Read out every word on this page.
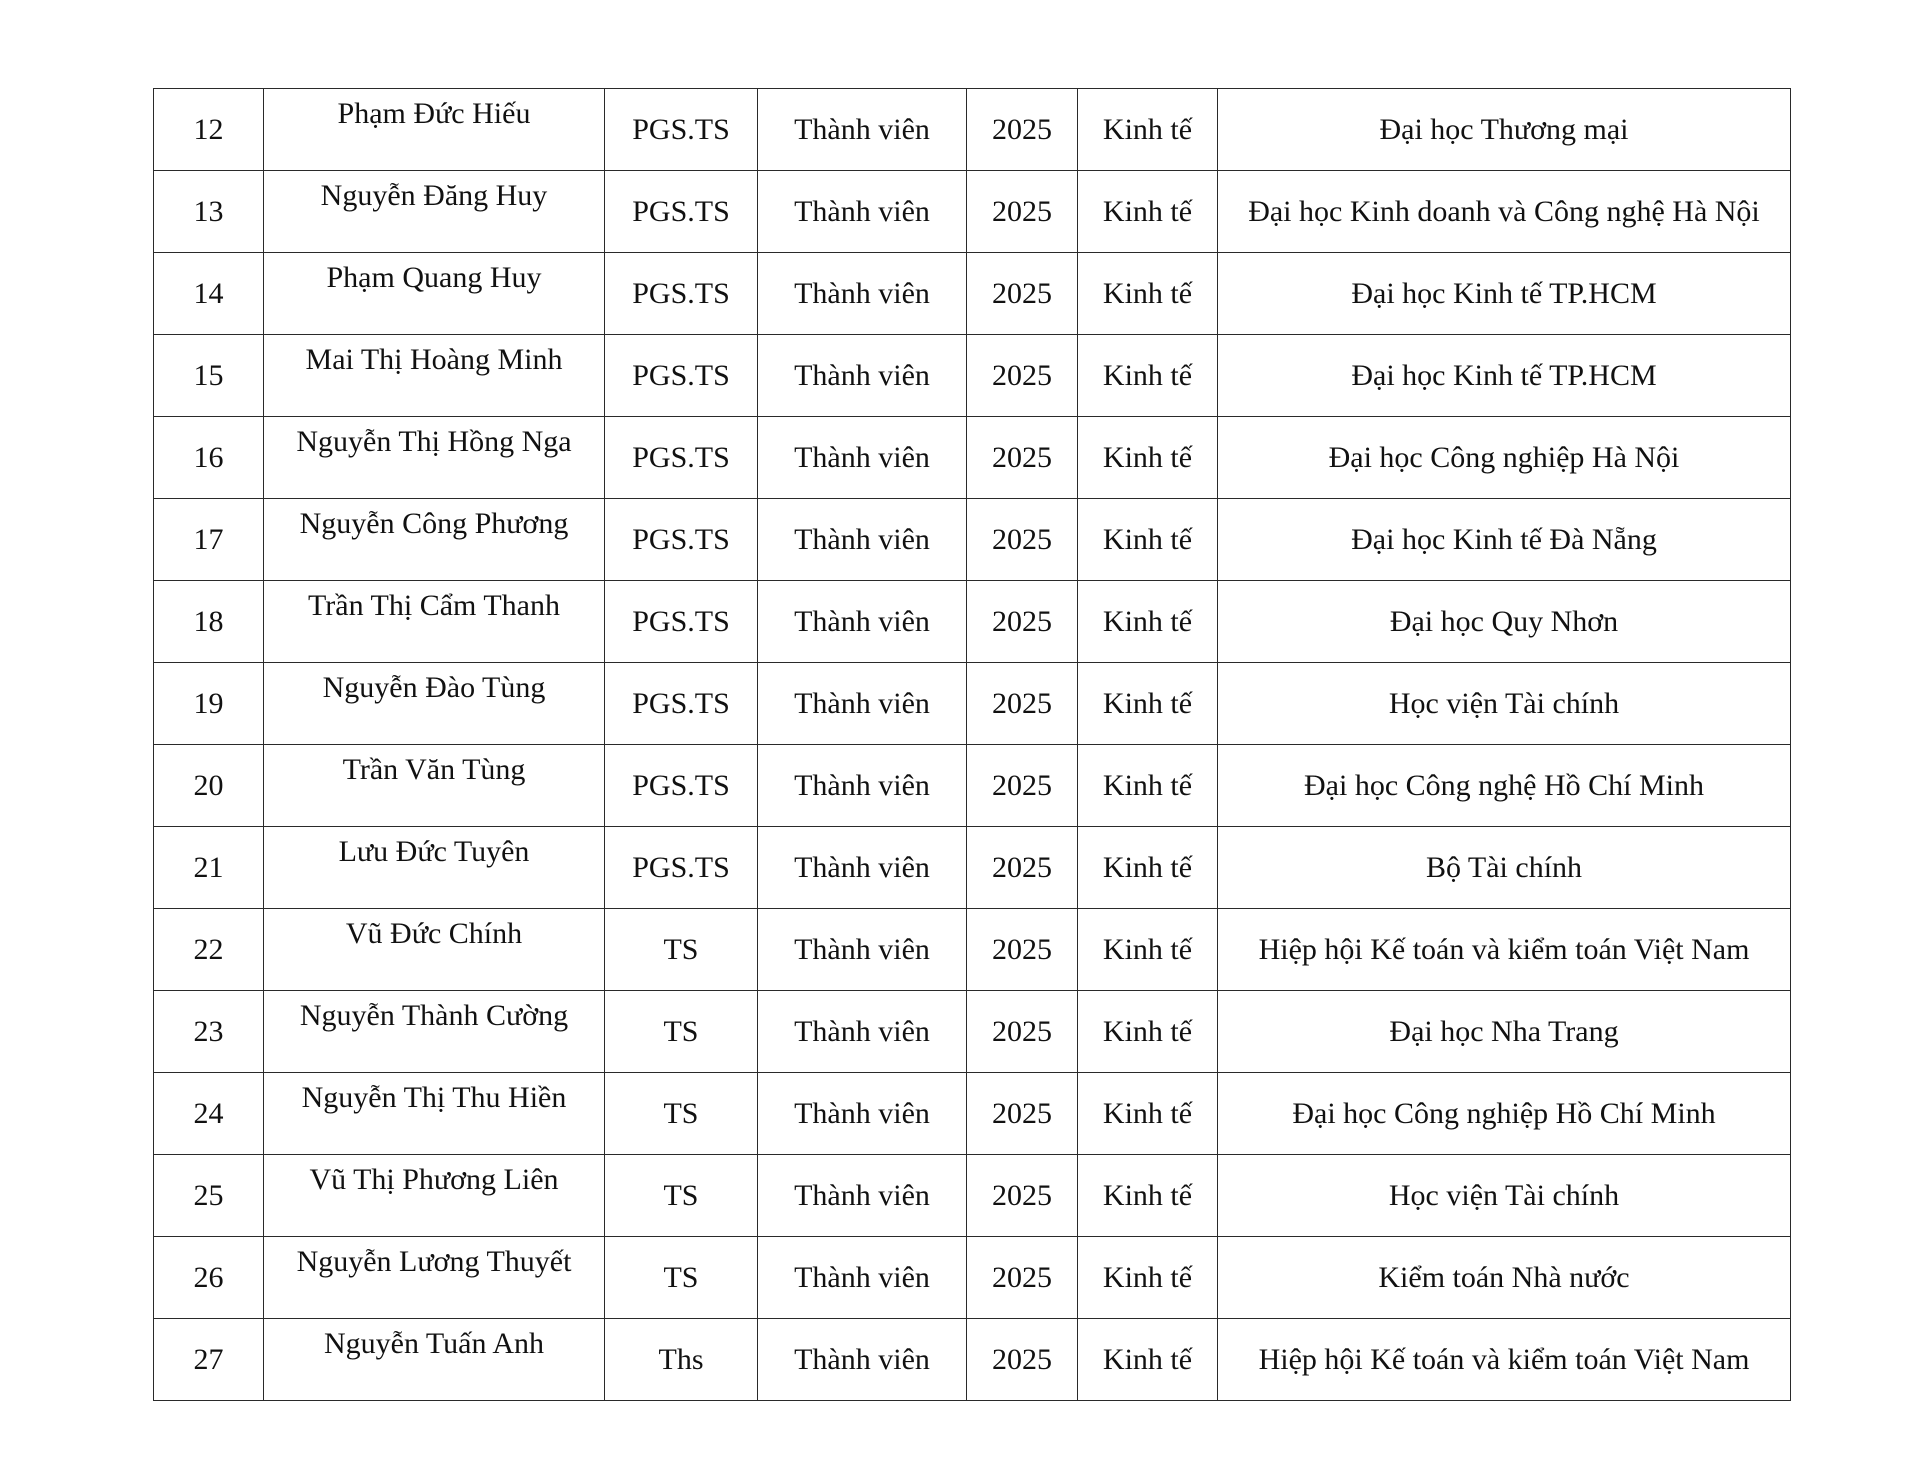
12	Phạm Đức Hiếu	PGS.TS	Thành viên	2025	Kinh tế	Đại học Thương mại
13	Nguyễn Đăng Huy	PGS.TS	Thành viên	2025	Kinh tế	Đại học Kinh doanh và Công nghệ Hà Nội
14	Phạm Quang Huy	PGS.TS	Thành viên	2025	Kinh tế	Đại học Kinh tế TP.HCM
15	Mai Thị Hoàng Minh	PGS.TS	Thành viên	2025	Kinh tế	Đại học Kinh tế TP.HCM
16	Nguyễn Thị Hồng Nga	PGS.TS	Thành viên	2025	Kinh tế	Đại học Công nghiệp Hà Nội
17	Nguyễn Công Phương	PGS.TS	Thành viên	2025	Kinh tế	Đại học Kinh tế Đà Nẵng
18	Trần Thị Cẩm Thanh	PGS.TS	Thành viên	2025	Kinh tế	Đại học Quy Nhơn
19	Nguyễn Đào Tùng	PGS.TS	Thành viên	2025	Kinh tế	Học viện Tài chính
20	Trần Văn Tùng	PGS.TS	Thành viên	2025	Kinh tế	Đại học Công nghệ Hồ Chí Minh
21	Lưu Đức Tuyên	PGS.TS	Thành viên	2025	Kinh tế	Bộ Tài chính
22	Vũ Đức Chính	TS	Thành viên	2025	Kinh tế	Hiệp hội Kế toán và kiểm toán Việt Nam
23	Nguyễn Thành Cường	TS	Thành viên	2025	Kinh tế	Đại học Nha Trang
24	Nguyễn Thị Thu Hiền	TS	Thành viên	2025	Kinh tế	Đại học Công nghiệp Hồ Chí Minh
25	Vũ Thị Phương Liên	TS	Thành viên	2025	Kinh tế	Học viện Tài chính
26	Nguyễn Lương Thuyết	TS	Thành viên	2025	Kinh tế	Kiểm toán Nhà nước
27	Nguyễn Tuấn Anh	Ths	Thành viên	2025	Kinh tế	Hiệp hội Kế toán và kiểm toán Việt Nam
